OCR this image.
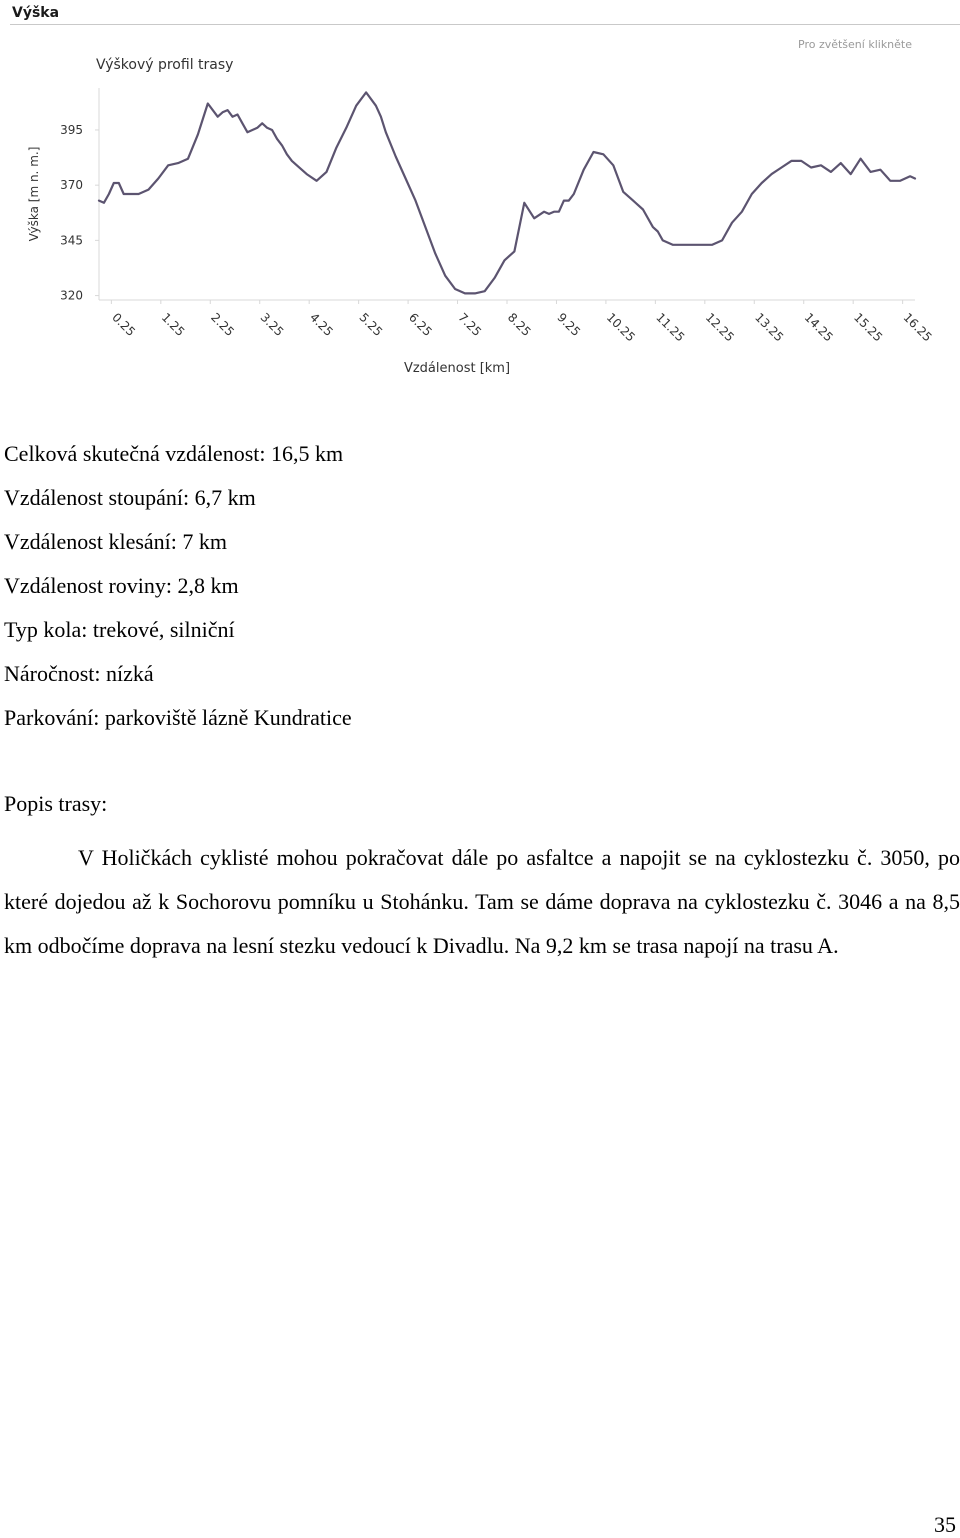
Výška
320
345
370
395
0.25 1.25 2.25 3.25 4.25 5.25 6.25 7.25 8.25 9.25 10.25 11.25 12.25 13.25 14.25 15.25 16.25
Výška [m n. m.]
Vzdálenost [km]
Výškový profil trasy
Pro zvětšení klikněte
Celková skutečná vzdálenost: 16,5 km
Vzdálenost stoupání: 6,7 km
Vzdálenost klesání: 7 km
Vzdálenost roviny: 2,8 km
Typ kola: trekové, silniční
Náročnost: nízká
Parkování: parkoviště lázně Kundratice
Popis trasy:

V Holičkách cyklisté mohou pokračovat dále po asfaltce a napojit se na cyklostezku č. 3050, po které dojedou až k Sochorovu pomníku u Stohánku. Tam se dáme doprava na cyklostezku č. 3046 a na 8,5 km odbočíme doprava na lesní stezku vedoucí k Divadlu. Na 9,2 km se trasa napojí na trasu A.

35
